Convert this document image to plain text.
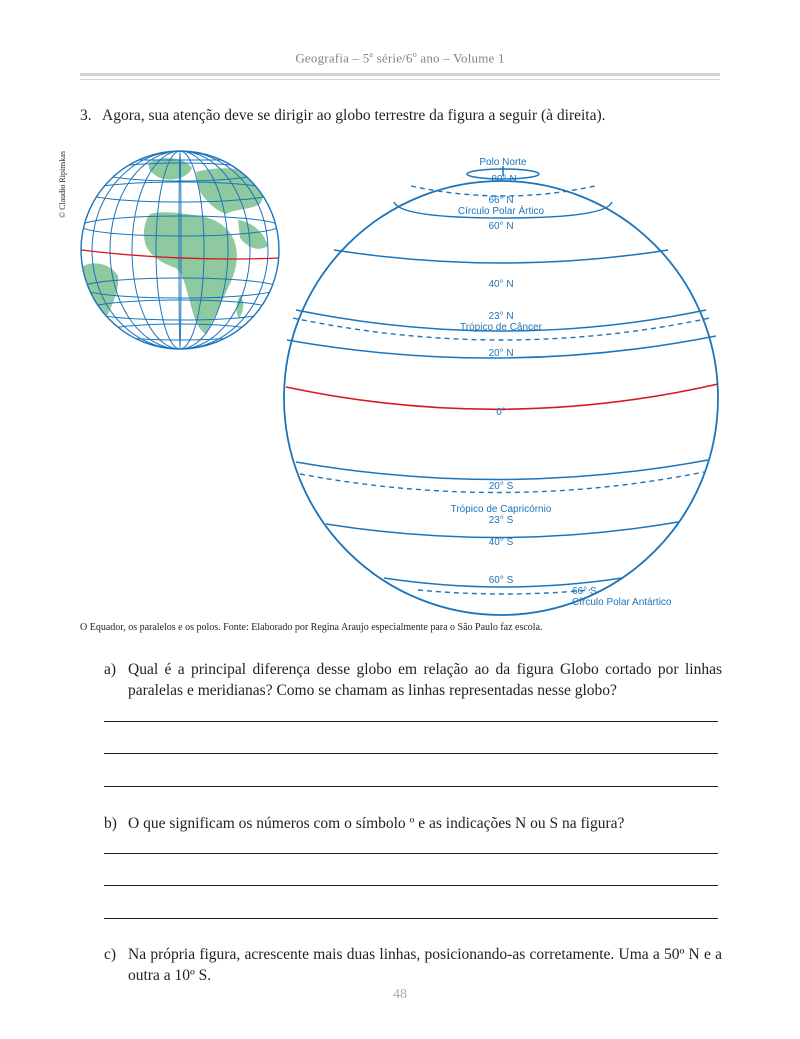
Geografia – 5$^a$ série/6$^o$ ano – Volume 1
3. Agora, sua atenção deve se dirigir ao globo terrestre da figura a seguir (à direita).
© Claudio Ripinskas	Polo Norte
80° N
66° N
Círculo Polar Ártico
60° N
40° N
23° N
Trópico de Câncer
20° N
0°
20° S
Trópico de Capricórnio
23° S
40° S
60° S
66° S
Círculo Polar Antártico
O Equador, os paralelos e os polos. Fonte: Elaborado por Regina Araujo especialmente para o São Paulo faz escola.
a) Qual é a principal diferença desse globo em relação ao da figura Globo cortado por linhas paralelas e meridianas? Como se chamam as linhas representadas nesse globo?
b) O que significam os números com o símbolo º e as indicações N ou S na figura?
c) Na própria figura, acrescente mais duas linhas, posicionando-as corretamente. Uma a 50º N e a outra a 10º S.
48
